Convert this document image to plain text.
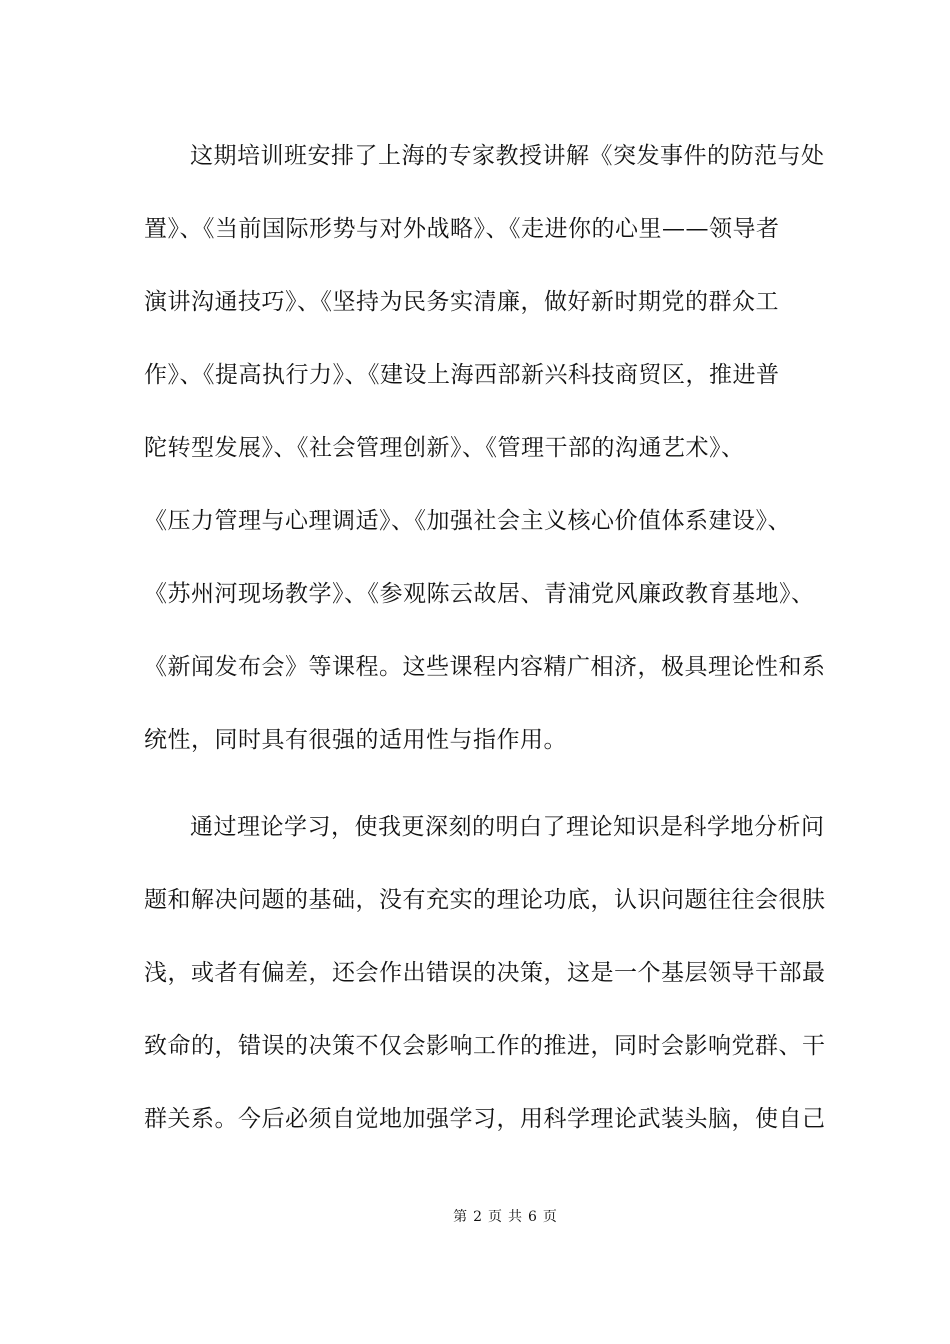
这期培训班安排了上海的专家教授讲解《突发事件的防范与处
置》、《当前国际形势与对外战略》、《走进你的心里——领导者
演讲沟通技巧》、《坚持为民务实清廉，做好新时期党的群众工
作》、《提高执行力》、《建设上海西部新兴科技商贸区，推进普
陀转型发展》、《社会管理创新》、《管理干部的沟通艺术》、
《压力管理与心理调适》、《加强社会主义核心价值体系建设》、
《苏州河现场教学》、《参观陈云故居、青浦党风廉政教育基地》、
《新闻发布会》等课程。这些课程内容精广相济，极具理论性和系
统性，同时具有很强的适用性与指作用。
通过理论学习，使我更深刻的明白了理论知识是科学地分析问
题和解决问题的基础，没有充实的理论功底，认识问题往往会很肤
浅，或者有偏差，还会作出错误的决策，这是一个基层领导干部最
致命的，错误的决策不仅会影响工作的推进，同时会影响党群、干
群关系。今后必须自觉地加强学习，用科学理论武装头脑，使自己
第 2 页 共 6 页
